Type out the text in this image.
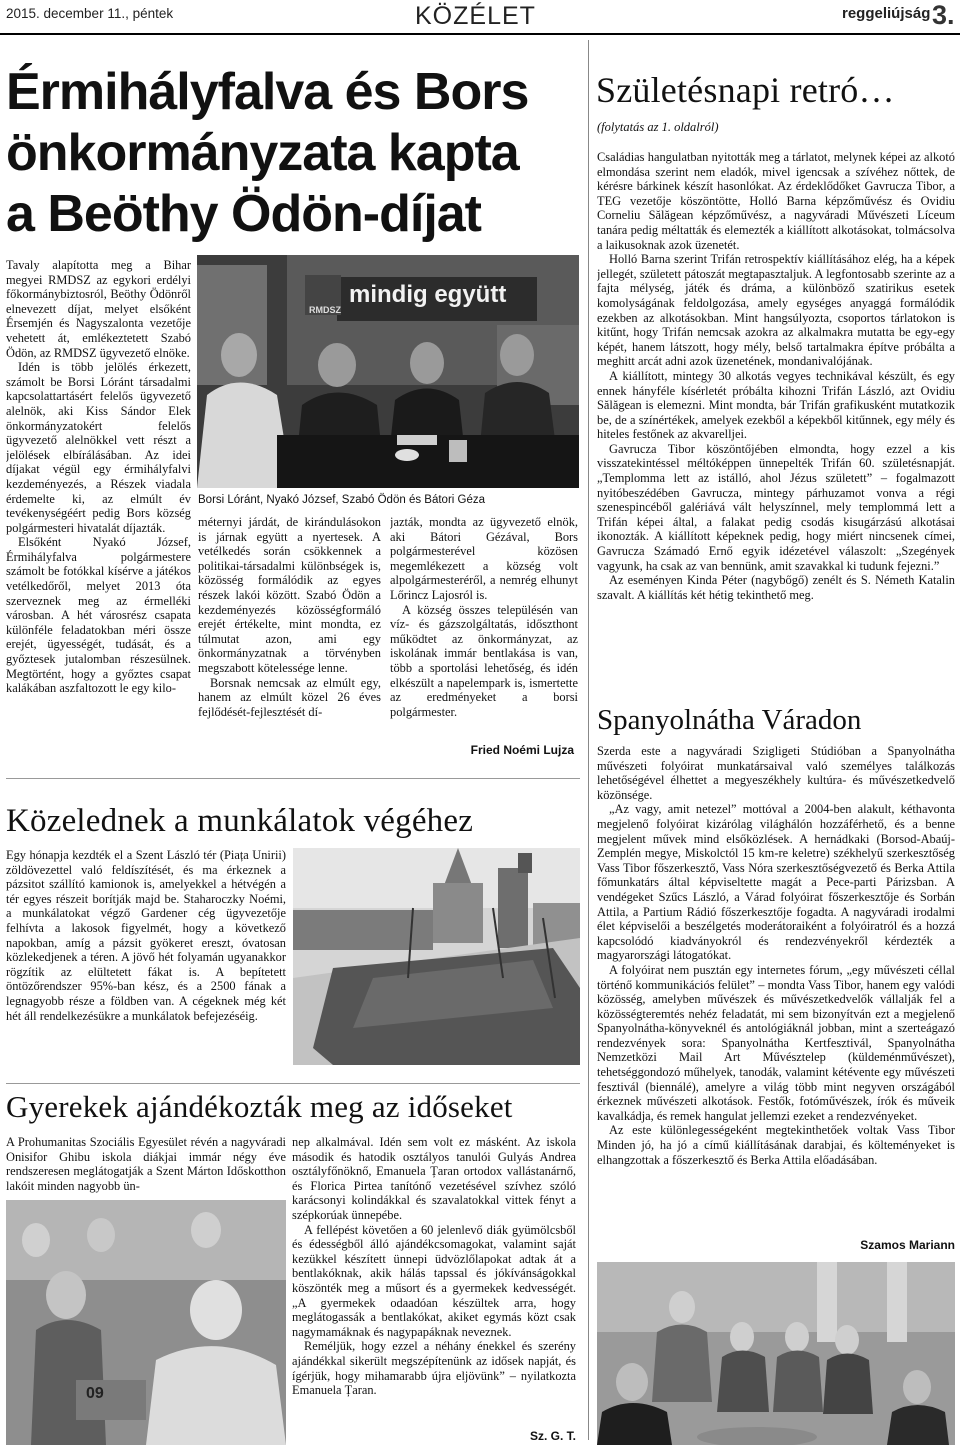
2015. december 11., péntek	KÖZÉLET	reggeliújság 3.
Érmihályfalva és Bors
önkormányzata kapta
a Beöthy Ödön-díjat
RMDSZ
mindig együtt
Borsi Lóránt, Nyakó József, Szabó Ödön és Bátori Géza

Tavaly alapította meg a Bihar megyei RMDSZ az egykori erdélyi főkormánybiztosról, Beöthy Ödönről elnevezett díjat, melyet elsőként Érsemjén és Nagyszalonta vezetője vehetett át, emlékeztetett Szabó Ödön, az RMDSZ ügyvezető elnöke.

Idén is több jelölés érkezett, számolt be Borsi Lóránt társadalmi kapcsolattartásért felelős ügyvezető alelnök, aki Kiss Sándor Elek önkormányzatokért felelős ügyvezető alelnökkel vett részt a jelölések elbírálásában. Az idei díjakat végül egy érmihályfalvi kezdeményezés, a Részek viadala érdemelte ki, az elmúlt év tevékenységéért pedig Bors község polgármesteri hivatalát díjazták.

Elsőként Nyakó József, Érmihályfalva polgármestere számolt be fotókkal kísérve a játékos vetélkedőről, melyet 2013 óta szerveznek meg az érmelléki városban. A hét városrész csapata különféle feladatokban méri össze erejét, ügyességét, tudását, és a győztesek jutalomban részesülnek. Megtörtént, hogy a győztes csapat kalákában aszfaltozott le egy kilo-

méternyi járdát, de kirándulásokon is járnak együtt a nyertesek. A vetélkedés során csökkennek a politikai-társadalmi különbségek is, közösség formálódik az egyes részek lakói között. Szabó Ödön a kezdeményezés közösségformáló erejét értékelte, mint mondta, ez túlmutat azon, ami egy önkormányzatnak a törvényben megszabott kötelessége lenne.

Borsnak nemcsak az elmúlt egy, hanem az elmúlt közel 26 éves fejlődését-fejlesztését dí-

jazták, mondta az ügyvezető elnök, aki Bátori Gézával, Bors polgármesterével közösen megemlékezett a község volt alpolgármesteréről, a nemrég elhunyt Lőrincz Lajosról is.

A község összes településén van víz- és gázszolgáltatás, időszthont működtet az önkormányzat, az iskolának immár bentlakása is van, több a sportolási lehetőség, és idén elkészült a napelempark is, ismertette az eredményeket a borsi polgármester.

Fried Noémi Lujza
Közelednek a munkálatok végéhez

Egy hónapja kezdték el a Szent László tér (Piața Unirii) zöldövezettel való feldíszítését, és ma érkeznek a pázsitot szállító kamionok is, amelyekkel a hétvégén a tér egyes részeit borítják majd be. Staharoczky Noémi, a munkálatokat végző Gardener cég ügyvezetője felhívta a lakosok figyelmét, hogy a következő napokban, amíg a pázsit gyökeret ereszt, óvatosan közlekedjenek a téren. A jövő hét folyamán ugyanakkor rögzítik az elültetett fákat is. A bepítetett öntözőrendszer 95%-ban kész, és a 2500 fának a legnagyobb része a földben van. A cégeknek még két hét áll rendelkezésükre a munkálatok befejezéséig.

Gyerekek ajándékozták meg az időseket

A Prohumanitas Szociális Egyesület révén a nagyváradi Onisifor Ghibu iskola diákjai immár négy éve rendszeresen meglátogatják a Szent Márton Időskotthon lakóit minden nagyobb ün-

09

nep alkalmával. Idén sem volt ez másként. Az iskola második és hatodik osztályos tanulói Gulyás Andrea osztályfőnöknő, Emanuela Țaran ortodox vallástanárnő, és Florica Pirtea tanítónő vezetésével szívhez szóló karácsonyi kolindákkal és szavalatokkal vittek fényt a szépkorúak ünnepébe.

A fellépést követően a 60 jelenlevő diák gyümölcsből és édességből álló ajándékcsomagokat, valamint saját kezükkel készített ünnepi üdvözlőlapokat adtak át a bentlakóknak, akik hálás tapssal és jókívánságokkal köszönték meg a műsort és a gyermekek kedvességét. „A gyermekek odaadóan készültek arra, hogy meglátogassák a bentlakókat, akiket egymás közt csak nagymamáknak és nagypapáknak neveznek.

Reméljük, hogy ezzel a néhány énekkel és szerény ajándékkal sikerült megszépítenünk az idősek napját, és ígérjük, hogy mihamarabb újra eljövünk” – nyilatkozta Emanuela Țaran.

Sz. G. T.
Születésnapi retró…
(folytatás az 1. oldalról)

Családias hangulatban nyitották meg a tárlatot, melynek képei az alkotó elmondása szerint nem eladók, mivel igencsak a szívéhez nőttek, de kérésre bárkinek készít hasonlókat. Az érdeklődőket Gavrucza Tibor, a TEG vezetője köszöntötte, Holló Barna képzőművész és Ovidiu Corneliu Sălăgean képzőművész, a nagyváradi Művészeti Líceum tanára pedig méltatták és elemezték a kiállított alkotásokat, tolmácsolva a laikusoknak azok üzenetét.

Holló Barna szerint Trifán retrospektív kiállításához elég, ha a képek jellegét, született pátoszát megtapasztaljuk. A legfontosabb szerinte az a fajta mélység, játék és dráma, a különböző szatirikus esetek komolyságának feldolgozása, amely egységes anyaggá formálódik ezekben az alkotásokban. Mint hangsúlyozta, csoportos tárlatokon is kitűnt, hogy Trifán nemcsak azokra az alkalmakra mutatta be egy-egy képét, hanem látszott, hogy mély, belső tartalmakra építve próbálta a meghitt arcát adni azok üzenetének, mondanivalójának.

A kiállított, mintegy 30 alkotás vegyes technikával készült, és egy ennek hányféle kísérletét próbálta kihozni Trifán László, azt Ovidiu Sălăgean is elemezni. Mint mondta, bár Trifán grafikusként mutatkozik be, de a színértékek, amelyek ezekből a képekből kitűnnek, egy mély és hiteles festőnek az akvarelljei.

Gavrucza Tibor köszöntőjében elmondta, hogy ezzel a kis visszatekintéssel méltóképpen ünnepelték Trifán 60. születésnapját. „Templomma lett az istálló, ahol Jézus született” – fogalmazott nyitóbeszédében Gavrucza, mintegy párhuzamot vonva a régi szenespincéből galériává vált helyszínnel, mely templommá lett a Trifán képei által, a falakat pedig csodás kisugárzású alkotásai ikonozták. A kiállított képeknek pedig, hogy miért nincsenek címei, Gavrucza Számadó Ernő egyik idézetével válaszolt: „Szegények vagyunk, ha csak az van bennünk, amit szavakkal ki tudunk fejezni.”

Az eseményen Kinda Péter (nagybőgő) zenélt és S. Németh Katalin szavalt. A kiállítás két hétig tekinthető meg.

Spanyolnátha Váradon

Szerda este a nagyváradi Szigligeti Stúdióban a Spanyolnátha művészeti folyóirat munkatársaival való személyes találkozás lehetőségével élhettet a megyeszékhely kultúra- és művészetkedvelő közönsége.

„Az vagy, amit netezel” mottóval a 2004-ben alakult, kéthavonta megjelenő folyóirat kizárólag világhálón hozzáférhető, és a benne megjelent művek mind elsőközlések. A hernádkaki (Borsod-Abaúj-Zemplén megye, Miskolctól 15 km-re keletre) székhelyű szerkesztőség Vass Tibor főszerkesztő, Vass Nóra szerkesztőségvezető és Berka Attila főmunkatárs által képviseltette magát a Pece-parti Párizsban. A vendégeket Szűcs László, a Várad folyóirat főszerkesztője és Sorbán Attila, a Partium Rádió főszerkesztője fogadta. A nagyváradi irodalmi élet képviselői a beszélgetés moderátoraiként a folyóiratról és a hozzá kapcsolódó kiadványokról és rendezvényekről kérdezték a magyarországi látogatókat.

A folyóirat nem pusztán egy internetes fórum, „egy művészeti céllal történő kommunikációs felület” – mondta Vass Tibor, hanem egy valódi közösség, amelyben művészek és művészetkedvelők vállalják fel a közösségteremtés nehéz feladatát, mi sem bizonyítván ezt a megjelenő Spanyolnátha-könyveknél és antológiáknál jobban, mint a szerteágazó rendezvények sora: Spanyolnátha Kertfesztivál, Spanyolnátha Nemzetközi Mail Art Művésztelep (küldeménművészet), tehetséggondozó műhelyek, tanodák, valamint kétévente egy művészeti fesztivál (biennálé), amelyre a világ több mint negyven országából érkeznek művészeti alkotások. Festők, fotóművészek, írók és műveik kavalkádja, és remek hangulat jellemzi ezeket a rendezvényeket.

Az este különlegességeként megtekinthetőek voltak Vass Tibor Minden jó, ha jó a című kiállításának darabjai, és költeményeket is elhangzottak a főszerkesztő és Berka Attila előadásában.

Szamos Mariann
